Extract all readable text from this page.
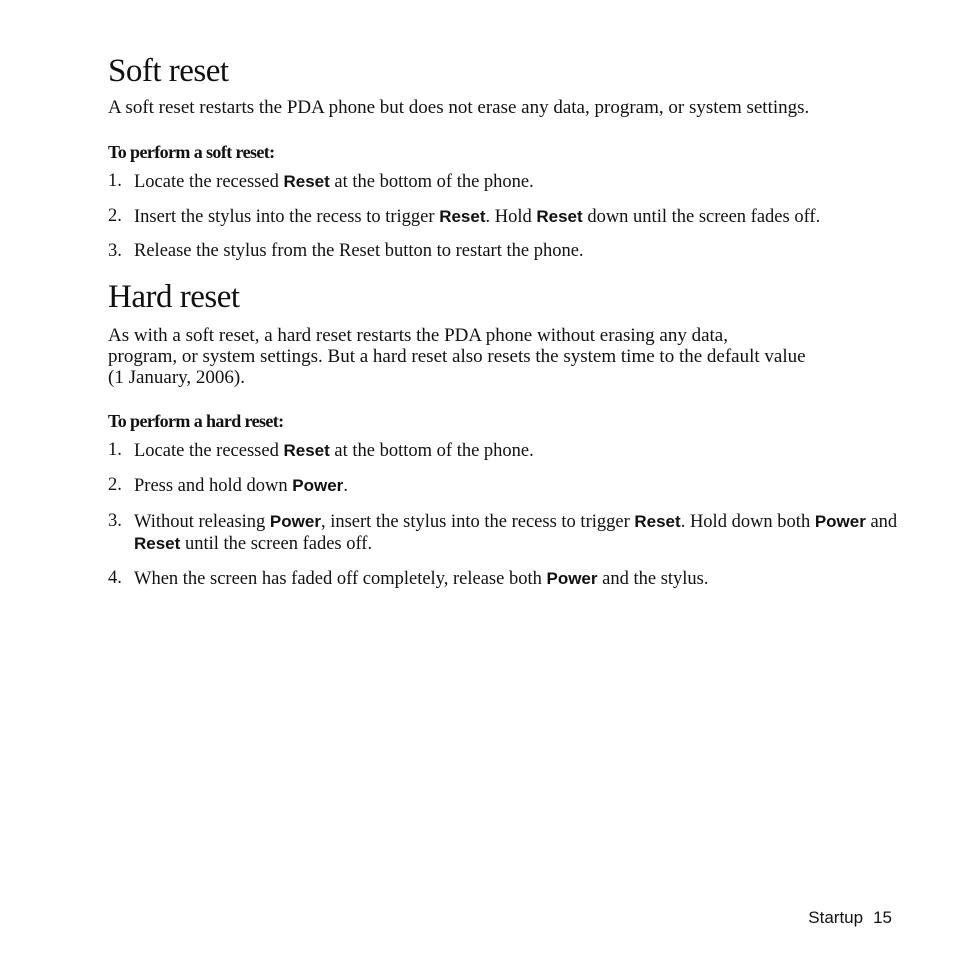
Soft reset

A soft reset restarts the PDA phone but does not erase any data, program, or system settings.

To perform a soft reset:

1. Locate the recessed Reset at the bottom of the phone.

2. Insert the stylus into the recess to trigger Reset. Hold Reset down until the screen fades off.

3. Release the stylus from the Reset button to restart the phone.

Hard reset

As with a soft reset, a hard reset restarts the PDA phone without erasing any data,

program, or system settings. But a hard reset also resets the system time to the default value

(1 January, 2006).

To perform a hard reset:

1. Locate the recessed Reset at the bottom of the phone.

2. Press and hold down Power.

3. Without releasing Power, insert the stylus into the recess to trigger Reset. Hold down both Power and Reset until the screen fades off.

4. When the screen has faded off completely, release both Power and the stylus.

Startup 15
